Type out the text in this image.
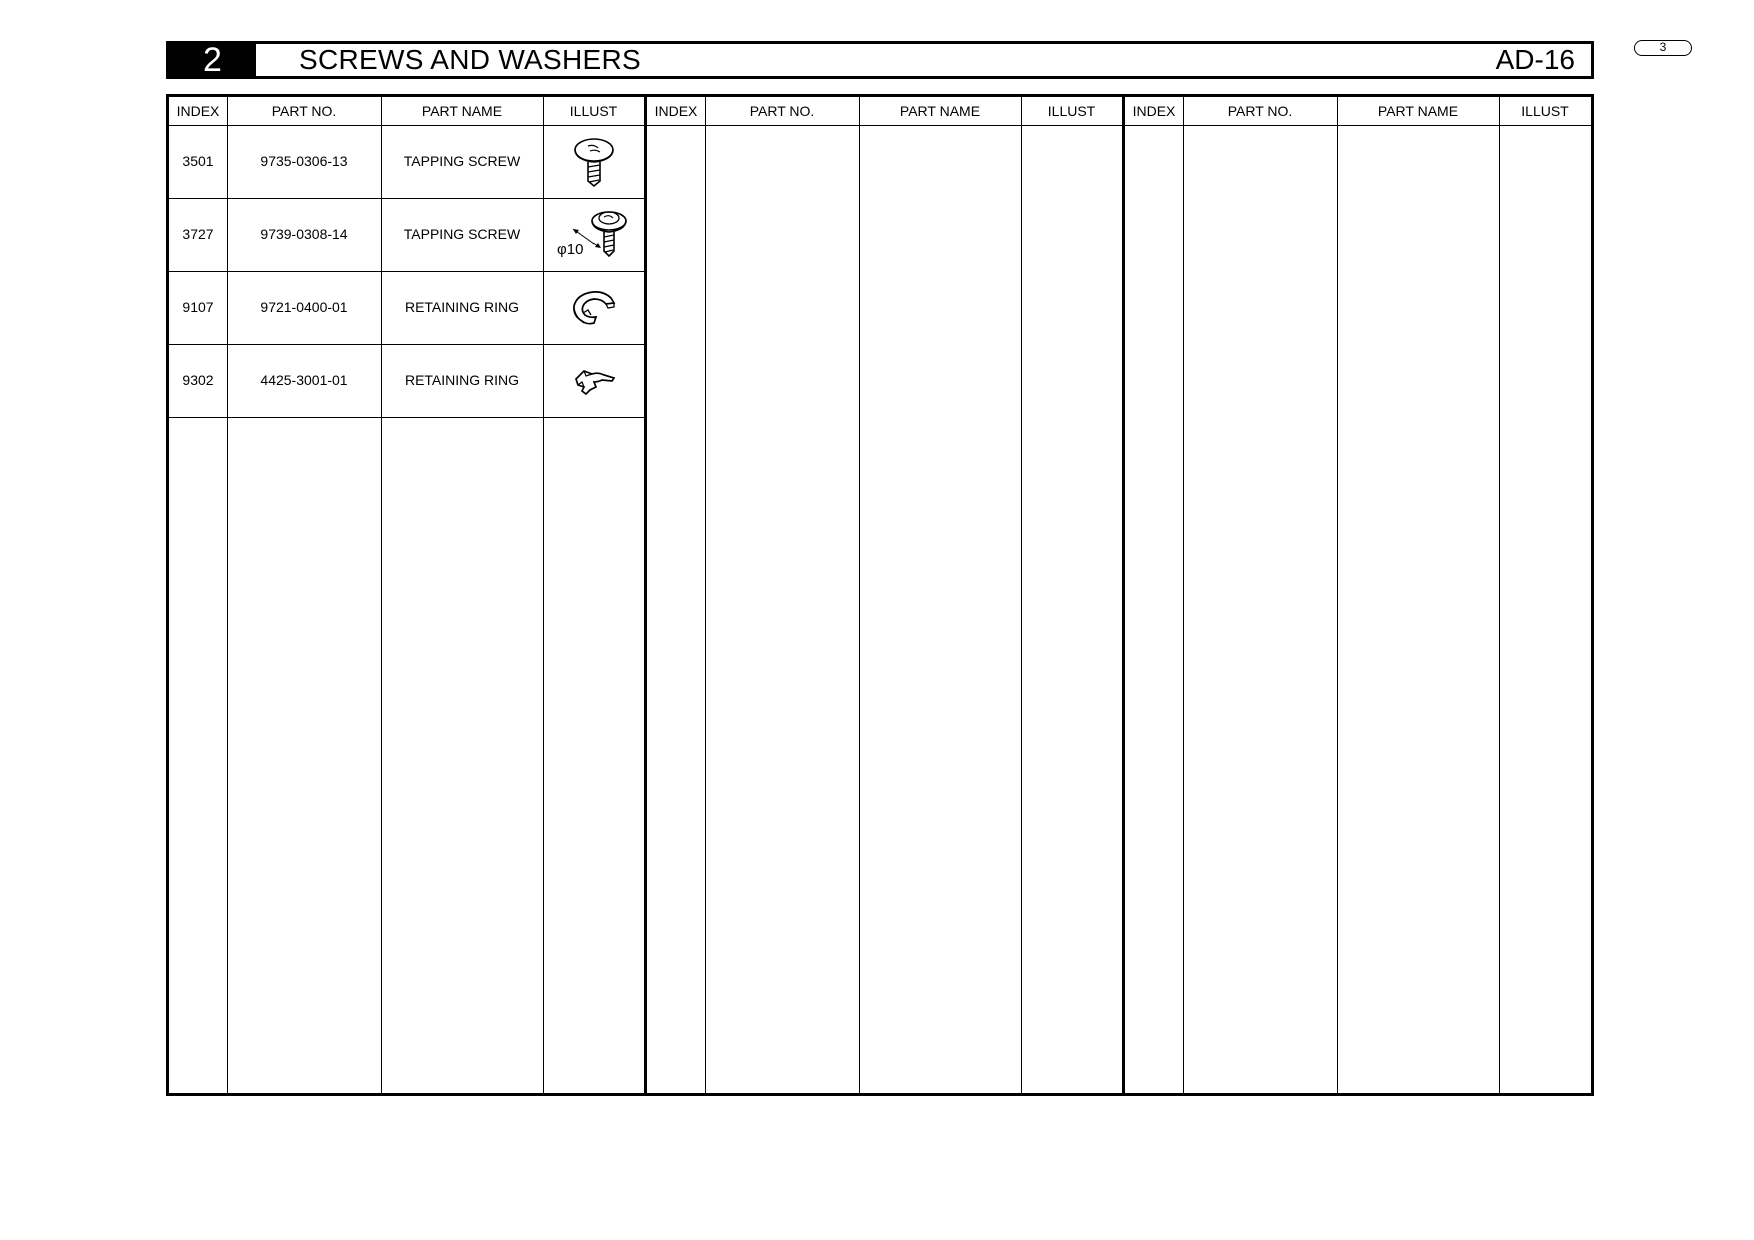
2	SCREWS AND WASHERS	AD-16	3
INDEX	PART NO.	PART NAME	ILLUST
3501	9735-0306-13	TAPPING SCREW
3727	9739-0308-14	TAPPING SCREW
φ10
9107	9721-0400-01	RETAINING RING
9302	4425-3001-01	RETAINING RING
INDEX	PART NO.	PART NAME	ILLUST	INDEX	PART NO.	PART NAME	ILLUST
